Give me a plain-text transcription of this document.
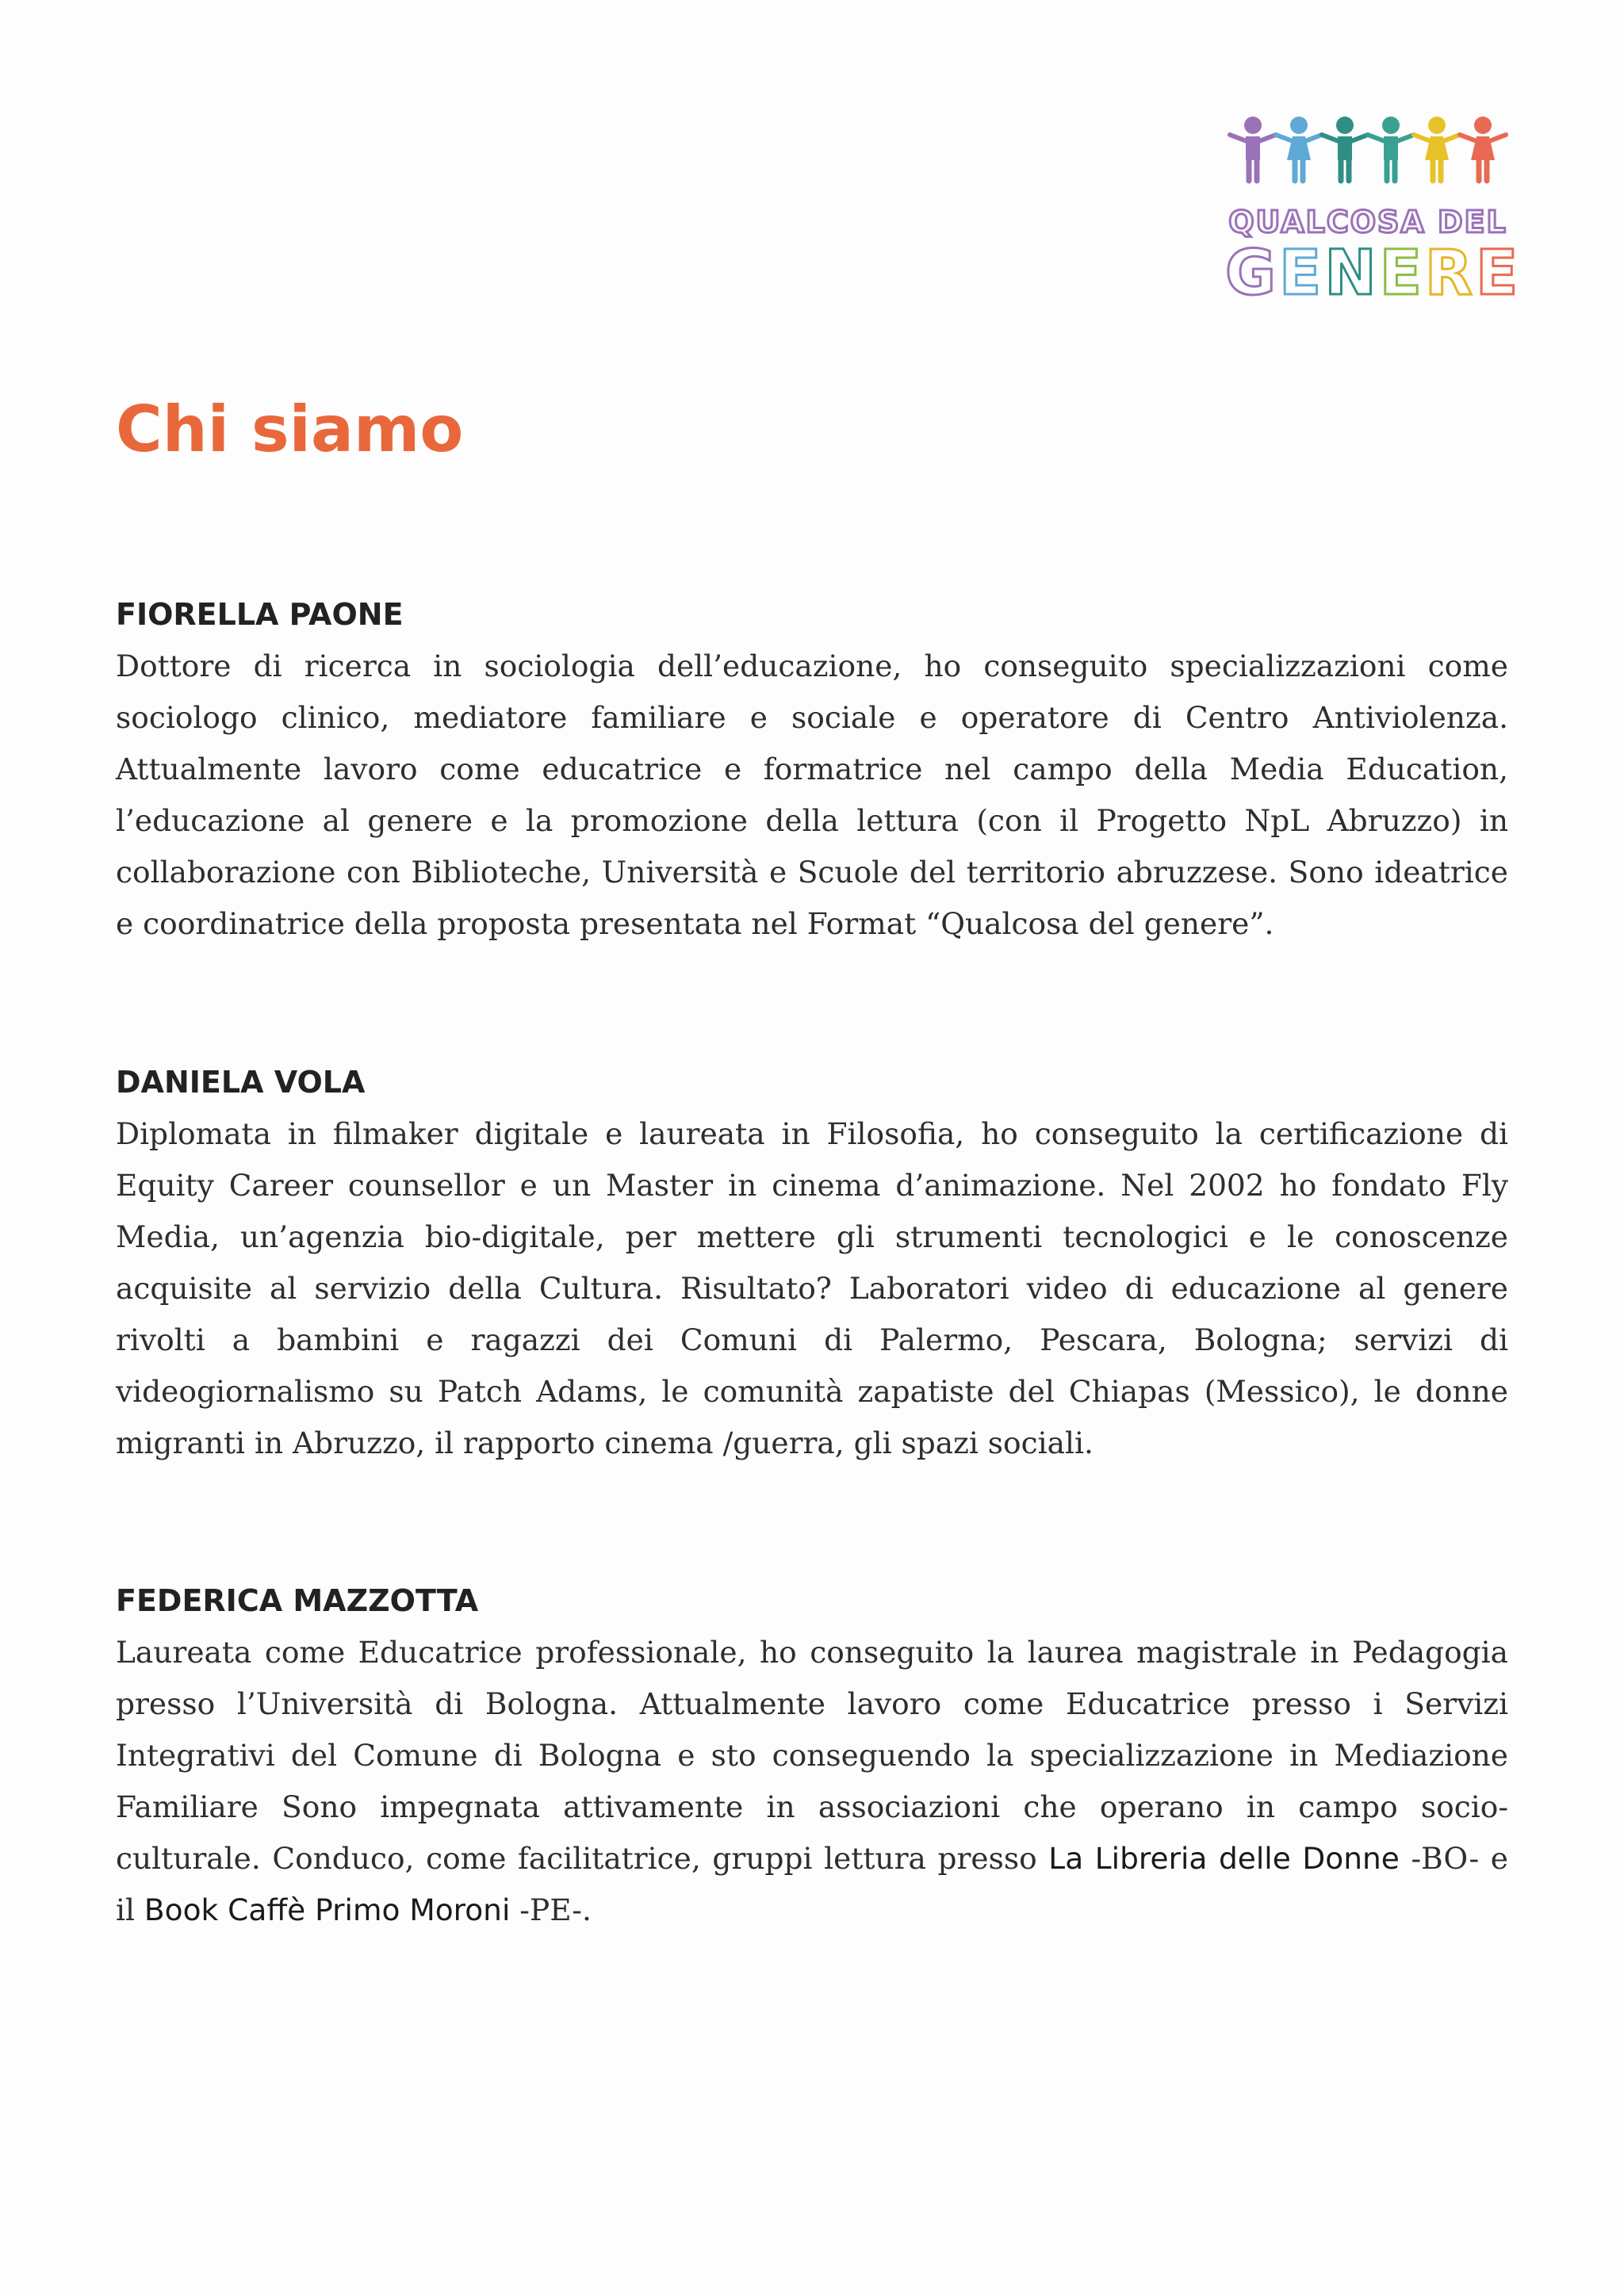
QUALCOSA DEL
GENERE
Chi siamo

FIORELLA PAONE

Dottore di ricerca in sociologia dell’educazione, ho conseguito specializzazioni come sociologo clinico, mediatore familiare e sociale e operatore di Centro Antiviolenza. Attualmente lavoro come educatrice e formatrice nel campo della Media Education, l’educazione al genere e la promozione della lettura (con il Progetto NpL Abruzzo) in collaborazione con Biblioteche, Università e Scuole del territorio abruzzese. Sono ideatrice e coordinatrice della proposta presentata nel Format “Qualcosa del genere”.

DANIELA VOLA

Diplomata in filmaker digitale e laureata in Filosofia, ho conseguito la certificazione di Equity Career counsellor e un Master in cinema d’animazione. Nel 2002 ho fondato Fly Media, un’agenzia bio-digitale, per mettere gli strumenti tecnologici e le conoscenze acquisite al servizio della Cultura. Risultato? Laboratori video di educazione al genere rivolti a bambini e ragazzi dei Comuni di Palermo, Pescara, Bologna; servizi di videogiornalismo su Patch Adams, le comunità zapatiste del Chiapas (Messico), le donne migranti in Abruzzo, il rapporto cinema /guerra, gli spazi sociali.

FEDERICA MAZZOTTA

Laureata come Educatrice professionale, ho conseguito la laurea magistrale in Pedagogia presso l’Università di Bologna. Attualmente lavoro come Educatrice presso i Servizi Integrativi del Comune di Bologna e sto conseguendo la specializzazione in Mediazione Familiare Sono impegnata attivamente in associazioni che operano in campo socio-culturale. Conduco, come facilitatrice, gruppi lettura presso La Libreria delle Donne -BO- e il Book Caffè Primo Moroni -PE-.
